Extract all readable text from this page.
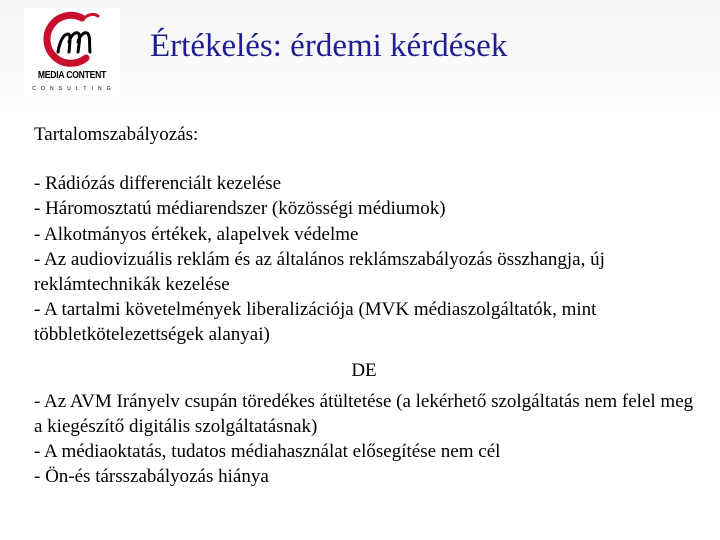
MEDIA CONTENT
CONSULTING
Értékelés: érdemi kérdések
Tartalomszabályozás:
- Rádiózás differenciált kezelése
- Háromosztatú médiarendszer (közösségi médiumok)
- Alkotmányos értékek, alapelvek védelme
- Az audiovizuális reklám és az általános reklámszabályozás összhangja, új reklámtechnikák kezelése
- A tartalmi követelmények liberalizációja (MVK médiaszolgáltatók, mint többletkötelezettségek alanyai)
DE
- Az AVM Irányelv csupán töredékes átültetése (a lekérhető szolgáltatás nem felel meg a kiegészítő digitális szolgáltatásnak)
- A médiaoktatás, tudatos médiahasználat elősegítése nem cél
- Ön-és társszabályozás hiánya
